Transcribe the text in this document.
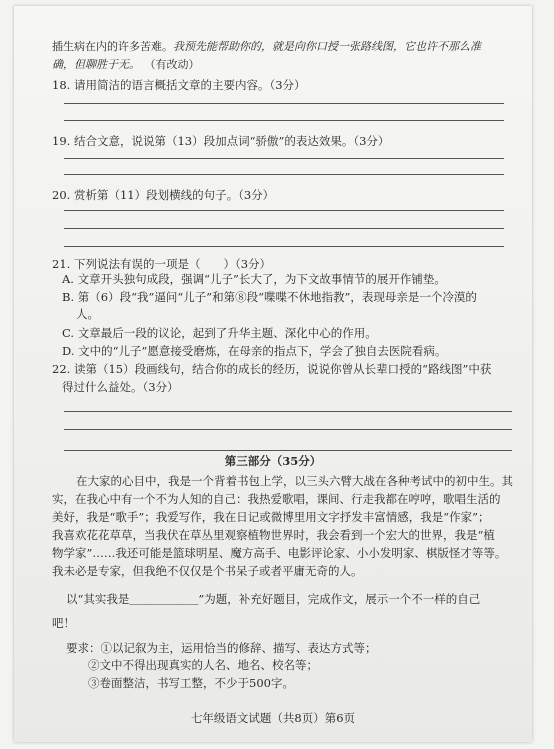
插生病在内的许多苦难。我预先能帮助你的，就是向你口授一张路线图，它也许不那么准
确，但聊胜于无。 （有改动）
18. 请用简洁的语言概括文章的主要内容。（3分）
19. 结合文意，说说第（13）段加点词“骄傲”的表达效果。（3分）
20. 赏析第（11）段划横线的句子。（3分）
21. 下列说法有误的一项是（　　）（3分）
A. 文章开头独句成段，强调“儿子”长大了，为下文故事情节的展开作铺垫。
B. 第（6）段“我”逼问“儿子”和第⑧段“喋喋不休地指教”，表现母亲是一个冷漠的
人。
C. 文章最后一段的议论，起到了升华主题、深化中心的作用。
D. 文中的“儿子”愿意接受磨炼，在母亲的指点下，学会了独自去医院看病。
22. 读第（15）段画线句，结合你的成长的经历，说说你曾从长辈口授的“路线图”中获
得过什么益处。（3分）
第三部分（35分）
在大家的心目中，我是一个背着书包上学，以三头六臂大战在各种考试中的初中生。其
实，在我心中有一个不为人知的自己：我热爱歌唱，课间、行走我都在哼哼，歌唱生活的
美好，我是“歌手”；我爱写作，我在日记或微博里用文字抒发丰富情感，我是“作家”；
我喜欢花花草草，当我伏在草丛里观察植物世界时，我会看到一个宏大的世界，我是“植
物学家”……我还可能是篮球明星、魔方高手、电影评论家、小小发明家、棋版怪才等等。
我未必是专家，但我绝不仅仅是个书呆子或者平庸无奇的人。
以“其实我是＿＿＿＿＿＿”为题，补充好题目，完成作文，展示一个不一样的自己
吧！
要求：①以记叙为主，运用恰当的修辞、描写、表达方式等；
②文中不得出现真实的人名、地名、校名等；
③卷面整洁，书写工整，不少于500字。
七年级语文试题（共8页）第6页
